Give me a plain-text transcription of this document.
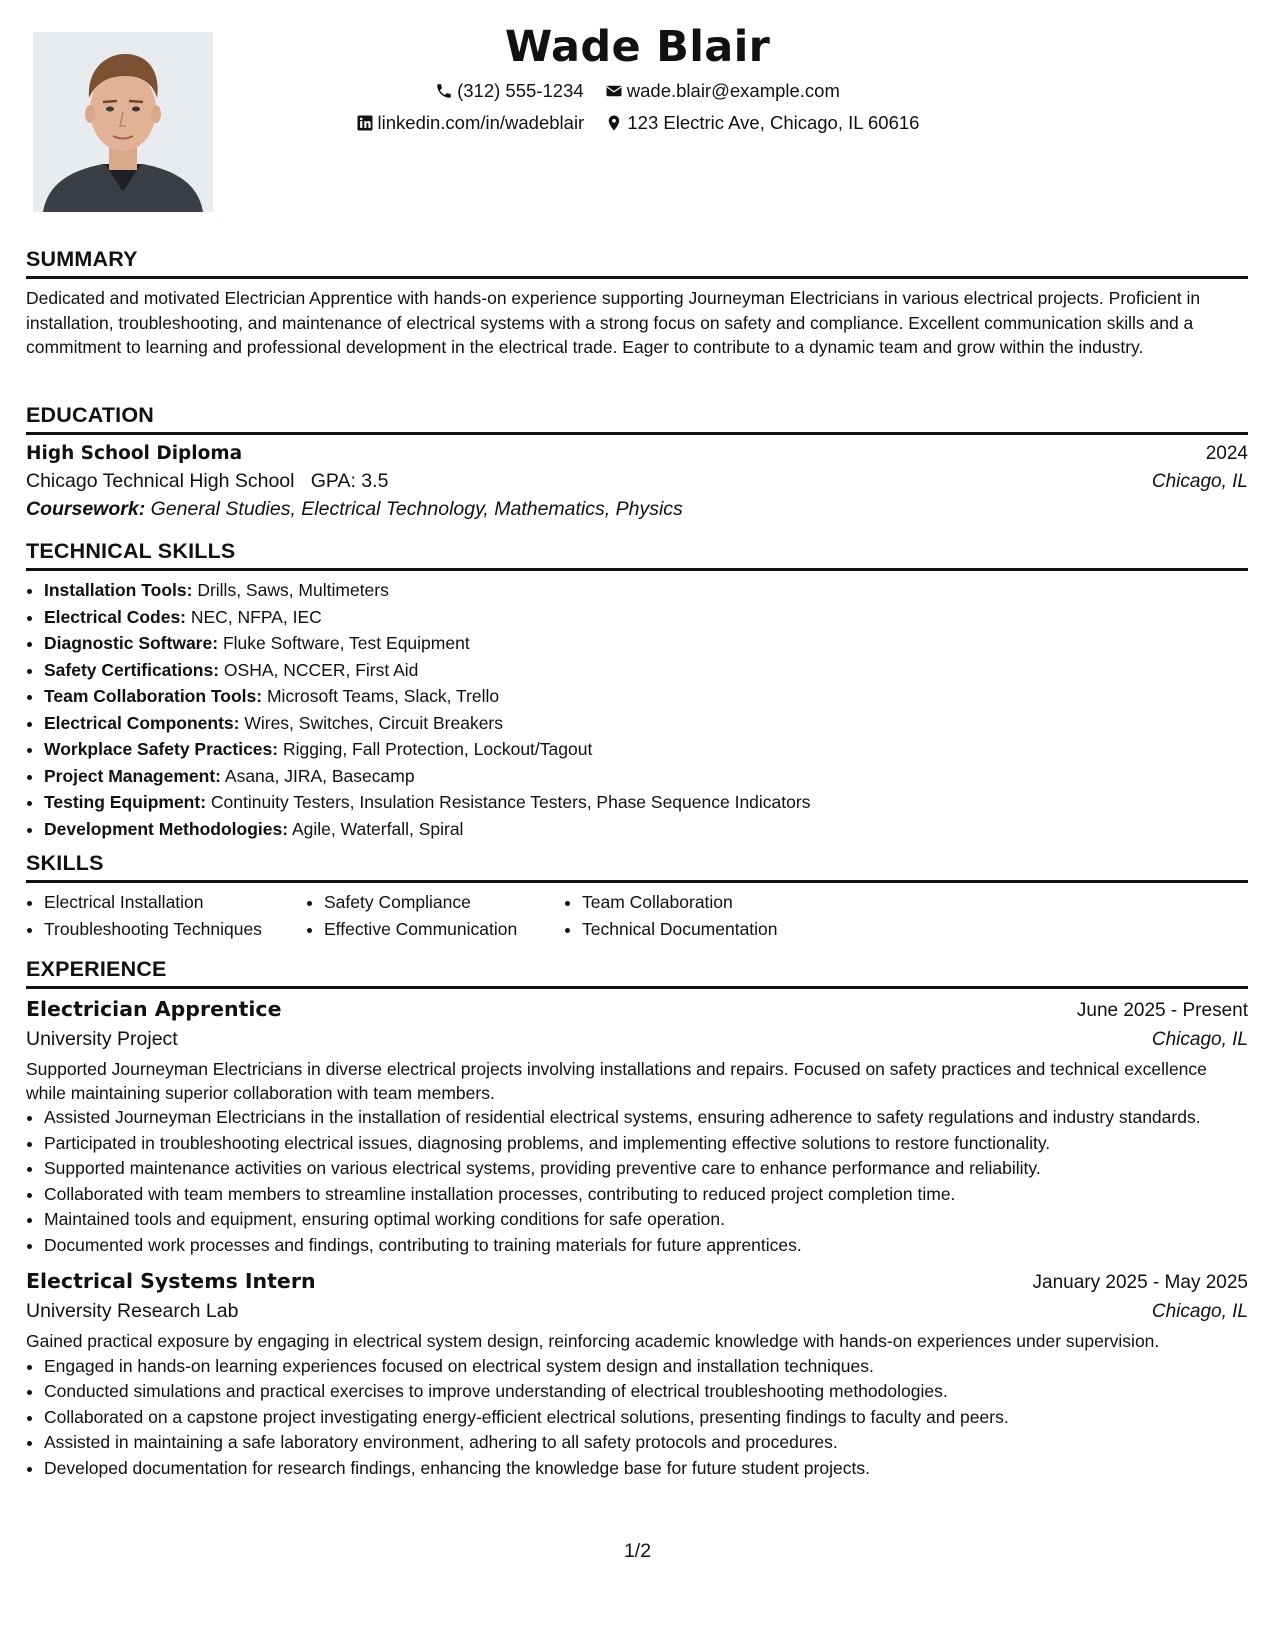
Wade Blair
(312) 555-1234
wade.blair@example.com
linkedin.com/in/wadeblair
123 Electric Ave, Chicago, IL 60616
SUMMARY
Dedicated and motivated Electrician Apprentice with hands-on experience supporting Journeyman Electricians in various electrical projects. Proficient in installation, troubleshooting, and maintenance of electrical systems with a strong focus on safety and compliance. Excellent communication skills and a commitment to learning and professional development in the electrical trade. Eager to contribute to a dynamic team and grow within the industry.
EDUCATION
High School Diploma	2024
Chicago Technical High School GPA: 3.5	Chicago, IL
Coursework: General Studies, Electrical Technology, Mathematics, Physics
TECHNICAL SKILLS
• Installation Tools: Drills, Saws, Multimeters
• Electrical Codes: NEC, NFPA, IEC
• Diagnostic Software: Fluke Software, Test Equipment
• Safety Certifications: OSHA, NCCER, First Aid
• Team Collaboration Tools: Microsoft Teams, Slack, Trello
• Electrical Components: Wires, Switches, Circuit Breakers
• Workplace Safety Practices: Rigging, Fall Protection, Lockout/Tagout
• Project Management: Asana, JIRA, Basecamp
• Testing Equipment: Continuity Testers, Insulation Resistance Testers, Phase Sequence Indicators
• Development Methodologies: Agile, Waterfall, Spiral
SKILLS
• Electrical Installation
• Troubleshooting Techniques
• Safety Compliance
• Effective Communication
• Team Collaboration
• Technical Documentation
EXPERIENCE
Electrician Apprentice	June 2025 - Present
University Project	Chicago, IL
Supported Journeyman Electricians in diverse electrical projects involving installations and repairs. Focused on safety practices and technical excellence while maintaining superior collaboration with team members.
• Assisted Journeyman Electricians in the installation of residential electrical systems, ensuring adherence to safety regulations and industry standards.
• Participated in troubleshooting electrical issues, diagnosing problems, and implementing effective solutions to restore functionality.
• Supported maintenance activities on various electrical systems, providing preventive care to enhance performance and reliability.
• Collaborated with team members to streamline installation processes, contributing to reduced project completion time.
• Maintained tools and equipment, ensuring optimal working conditions for safe operation.
• Documented work processes and findings, contributing to training materials for future apprentices.
Electrical Systems Intern	January 2025 - May 2025
University Research Lab	Chicago, IL
Gained practical exposure by engaging in electrical system design, reinforcing academic knowledge with hands-on experiences under supervision.
• Engaged in hands-on learning experiences focused on electrical system design and installation techniques.
• Conducted simulations and practical exercises to improve understanding of electrical troubleshooting methodologies.
• Collaborated on a capstone project investigating energy-efficient electrical solutions, presenting findings to faculty and peers.
• Assisted in maintaining a safe laboratory environment, adhering to all safety protocols and procedures.
• Developed documentation for research findings, enhancing the knowledge base for future student projects.
1/2
